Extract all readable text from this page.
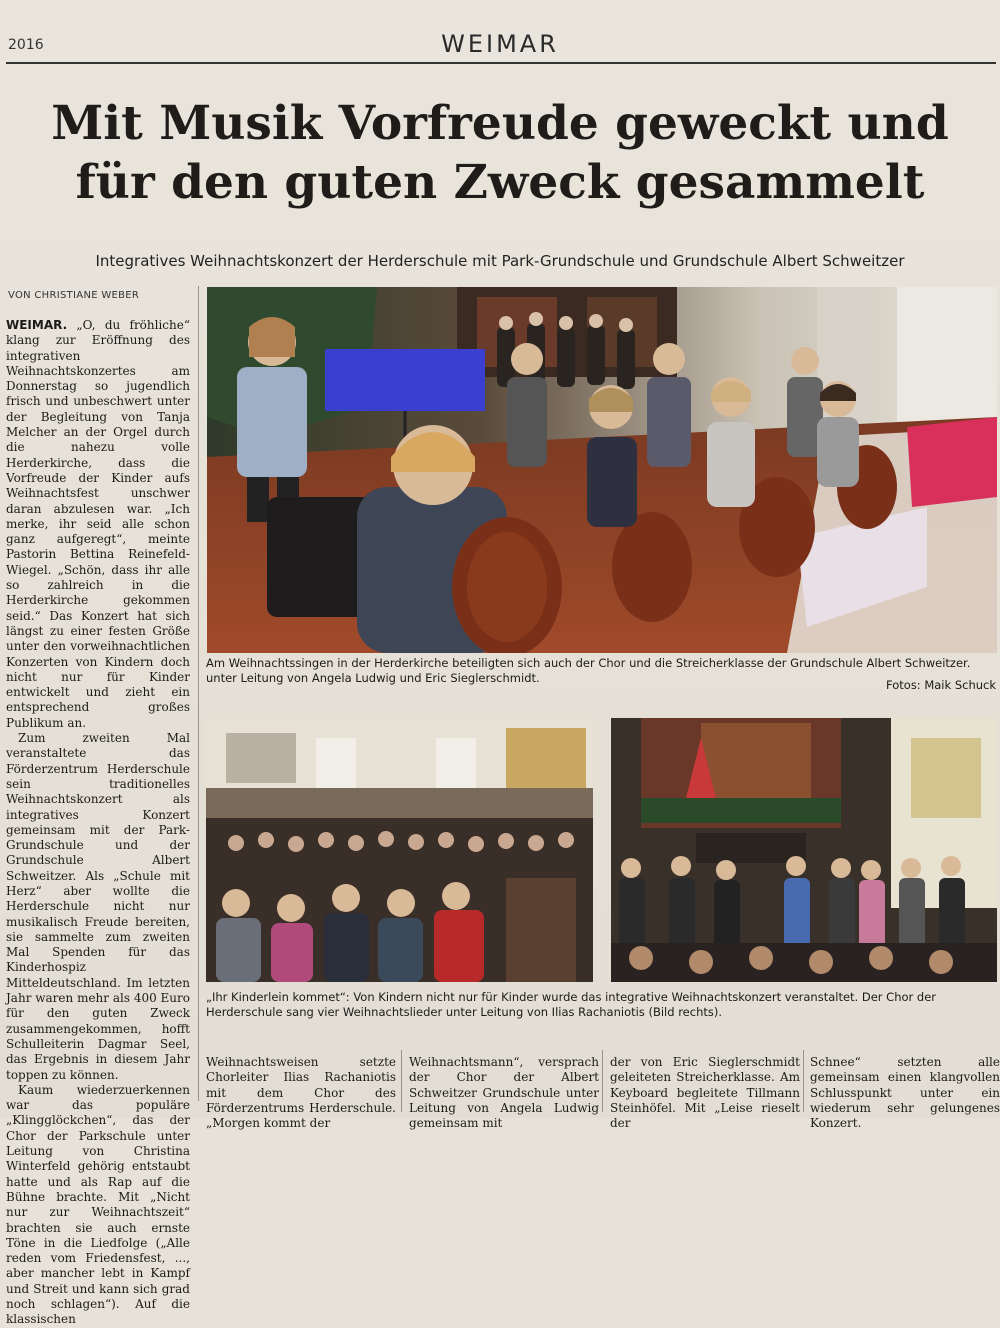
2016	WEIMAR
Mit Musik Vorfreude geweckt und
für den guten Zweck gesammelt
Integratives Weihnachtskonzert der Herderschule mit Park-Grundschule und Grundschule Albert Schweitzer
VON CHRISTIANE WEBER

WEIMAR. „O, du fröhliche“ klang zur Eröffnung des integrativen Weihnachtskonzertes am Donnerstag so jugendlich frisch und unbeschwert unter der Begleitung von Tanja Melcher an der Orgel durch die nahezu volle Herderkirche, dass die Vorfreude der Kinder aufs Weihnachtsfest unschwer daran abzulesen war. „Ich merke, ihr seid alle schon ganz aufgeregt“, meinte Pastorin Bettina Reinefeld-Wiegel. „Schön, dass ihr alle so zahlreich in die Herderkirche gekommen seid.“ Das Konzert hat sich längst zu einer festen Größe unter den vorweihnachtlichen Konzerten von Kindern doch nicht nur für Kinder entwickelt und zieht ein entsprechend großes Publikum an.

Zum zweiten Mal veranstaltete das Förderzentrum Herderschule sein traditionelles Weihnachtskonzert als integratives Konzert gemeinsam mit der Park-Grundschule und der Grundschule Albert Schweitzer. Als „Schule mit Herz“ aber wollte die Herderschule nicht nur musikalisch Freude bereiten, sie sammelte zum zweiten Mal Spenden für das Kinderhospiz Mitteldeutschland. Im letzten Jahr waren mehr als 400 Euro für den guten Zweck zusammengekommen, hofft Schulleiterin Dagmar Seel, das Ergebnis in diesem Jahr toppen zu können.

Kaum wiederzuerkennen war das populäre „Klingglöckchen“, das der Chor der Parkschule unter Leitung von Christina Winterfeld gehörig entstaubt hatte und als Rap auf die Bühne brachte. Mit „Nicht nur zur Weihnachtszeit“ brachten sie auch ernste Töne in die Liedfolge („Alle reden vom Friedensfest, ..., aber mancher lebt in Kampf und Streit und kann sich grad noch schlagen“). Auf die klassischen

Am Weihnachtssingen in der Herderkirche beteiligten sich auch der Chor und die Streicherklasse der Grundschule Albert Schweitzer. unter Leitung von Angela Ludwig und Eric Sieglerschmidt.	Fotos: Maik Schuck
„Ihr Kinderlein kommet“: Von Kindern nicht nur für Kinder wurde das integrative Weihnachtskonzert veranstaltet. Der Chor der Herderschule sang vier Weihnachtslieder unter Leitung von Ilias Rachaniotis (Bild rechts).
Weihnachtsweisen setzte Chorleiter Ilias Rachaniotis mit dem Chor des Förderzentrums Herderschule. „Morgen kommt der
Weihnachtsmann“, versprach der Chor der Albert Schweitzer Grundschule unter Leitung von Angela Ludwig gemeinsam mit
der von Eric Sieglerschmidt geleiteten Streicherklasse. Am Keyboard begleitete Tillmann Steinhöfel. Mit „Leise rieselt der
Schnee“ setzten alle gemeinsam einen klangvollen Schlusspunkt unter ein wiederum sehr gelungenes Konzert.
